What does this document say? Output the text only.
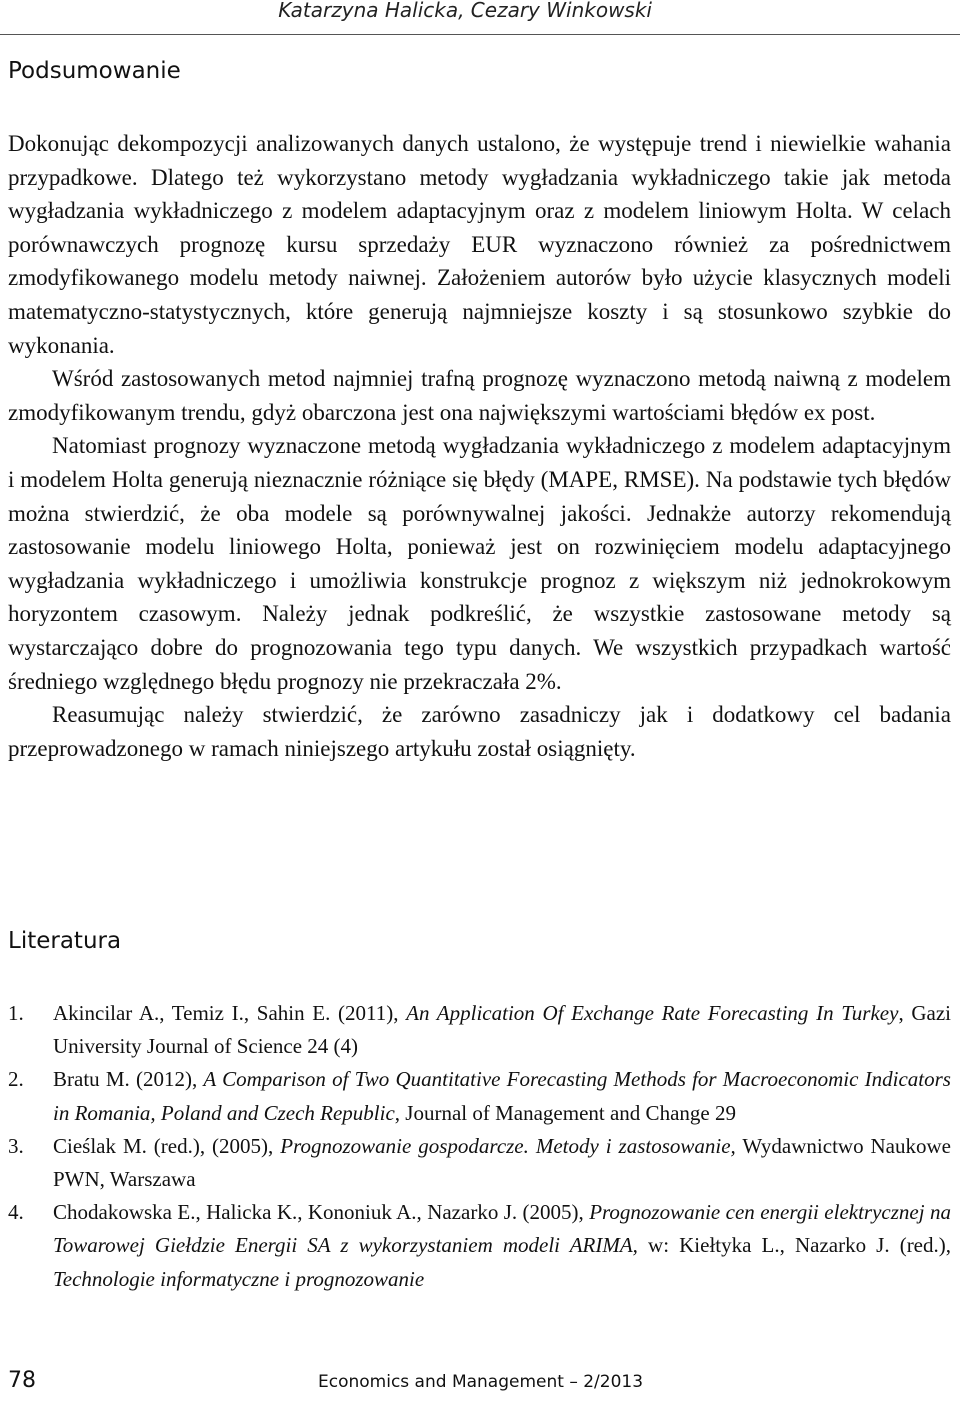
Katarzyna Halicka, Cezary Winkowski
Podsumowanie

Dokonując dekompozycji analizowanych danych ustalono, że występuje trend i niewielkie wahania przypadkowe. Dlatego też wykorzystano metody wygładzania wykładniczego takie jak metoda wygładzania wykładniczego z modelem adaptacyjnym oraz z modelem liniowym Holta. W celach porównawczych prognozę kursu sprzedaży EUR wyznaczono również za pośrednictwem zmodyfikowanego modelu metody naiwnej. Założeniem autorów było użycie klasycznych modeli matematyczno-statystycznych, które generują najmniejsze koszty i są stosunkowo szybkie do wykonania.

Wśród zastosowanych metod najmniej trafną prognozę wyznaczono metodą naiwną z modelem zmodyfikowanym trendu, gdyż obarczona jest ona największymi wartościami błędów ex post.

Natomiast prognozy wyznaczone metodą wygładzania wykładniczego z modelem adaptacyjnym i modelem Holta generują nieznacznie różniące się błędy (MAPE, RMSE). Na podstawie tych błędów można stwierdzić, że oba modele są porównywalnej jakości. Jednakże autorzy rekomendują zastosowanie modelu liniowego Holta, ponieważ jest on rozwinięciem modelu adaptacyjnego wygładzania wykładniczego i umożliwia konstrukcje prognoz z większym niż jednokrokowym horyzontem czasowym. Należy jednak podkreślić, że wszystkie zastosowane metody są wystarczająco dobre do prognozowania tego typu danych. We wszystkich przypadkach wartość średniego względnego błędu prognozy nie przekraczała 2%.

Reasumując należy stwierdzić, że zarówno zasadniczy jak i dodatkowy cel badania przeprowadzonego w ramach niniejszego artykułu został osiągnięty.

Literatura
1. Akincilar A., Temiz I., Sahin E. (2011), An Application Of Exchange Rate Forecasting In Turkey, Gazi University Journal of Science 24 (4)
2. Bratu M. (2012), A Comparison of Two Quantitative Forecasting Methods for Macroeconomic Indicators in Romania, Poland and Czech Republic, Journal of Management and Change 29
3. Cieślak M. (red.), (2005), Prognozowanie gospodarcze. Metody i zastosowanie, Wydawnictwo Naukowe PWN, Warszawa
4. Chodakowska E., Halicka K., Kononiuk A., Nazarko J. (2005), Prognozowanie cen energii elektrycznej na Towarowej Giełdzie Energii SA z wykorzystaniem modeli ARIMA, w: Kiełtyka L., Nazarko J. (red.), Technologie informatyczne i prognozowanie
78	Economics and Management – 2/2013
